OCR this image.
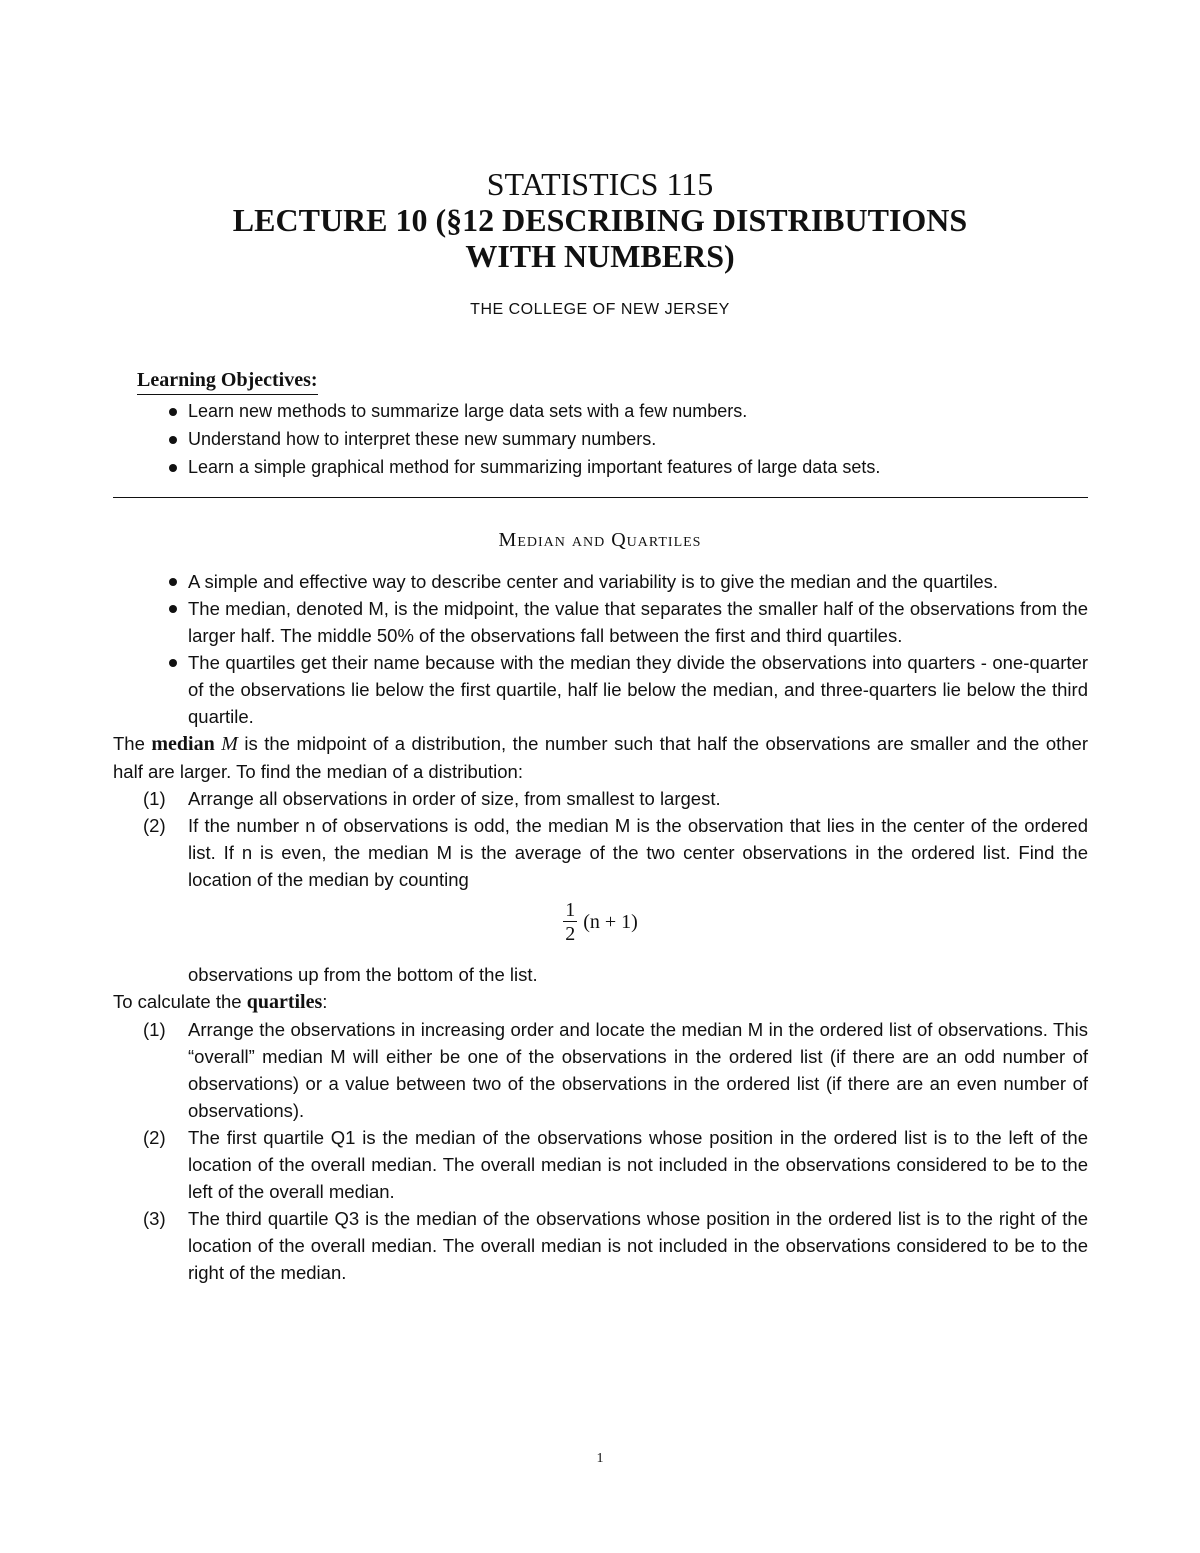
STATISTICS 115
LECTURE 10 (§12 DESCRIBING DISTRIBUTIONS
WITH NUMBERS)
THE COLLEGE OF NEW JERSEY
Learning Objectives:
Learn new methods to summarize large data sets with a few numbers.
Understand how to interpret these new summary numbers.
Learn a simple graphical method for summarizing important features of large data sets.
Median and Quartiles
A simple and effective way to describe center and variability is to give the median and the quartiles.
The median, denoted M, is the midpoint, the value that separates the smaller half of the observations from the larger half. The middle 50% of the observations fall between the first and third quartiles.
The quartiles get their name because with the median they divide the observations into quarters - one-quarter of the observations lie below the first quartile, half lie below the median, and three-quarters lie below the third quartile.

The median M is the midpoint of a distribution, the number such that half the observations are smaller and the other half are larger. To find the median of a distribution:

(1) Arrange all observations in order of size, from smallest to largest.
(2) If the number n of observations is odd, the median M is the observation that lies in the center of the ordered list. If n is even, the median M is the average of the two center observations in the ordered list. Find the location of the median by counting
$\frac{1}{2} (n + 1)$
observations up from the bottom of the list.

To calculate the quartiles:

(1) Arrange the observations in increasing order and locate the median M in the ordered list of observations. This “overall” median M will either be one of the observations in the ordered list (if there are an odd number of observations) or a value between two of the observations in the ordered list (if there are an even number of observations).
(2) The first quartile Q1 is the median of the observations whose position in the ordered list is to the left of the location of the overall median. The overall median is not included in the observations considered to be to the left of the overall median.
(3) The third quartile Q3 is the median of the observations whose position in the ordered list is to the right of the location of the overall median. The overall median is not included in the observations considered to be to the right of the median.
1
